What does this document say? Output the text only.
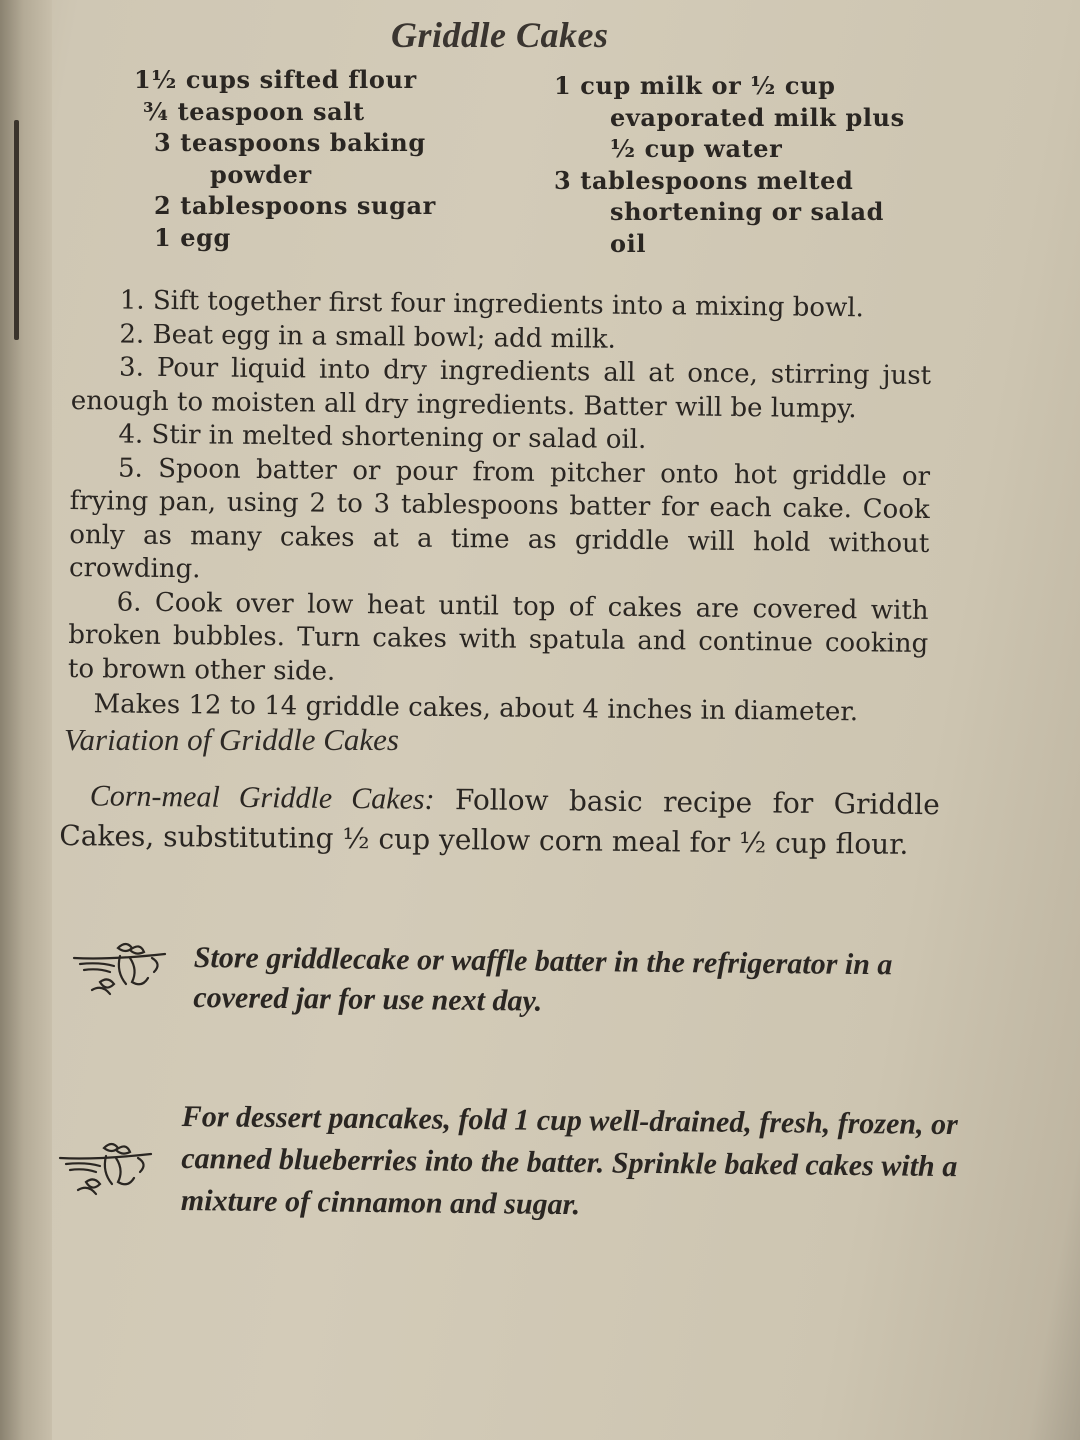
Griddle Cakes
1½ cups sifted flour
¾ teaspoon salt
3 teaspoons baking powder
2 tablespoons sugar
1 egg
1 cup milk or ½ cup evaporated milk plus ½ cup water
3 tablespoons melted shortening or salad oil

1. Sift together first four ingredients into a mixing bowl.

2. Beat egg in a small bowl; add milk.

3. Pour liquid into dry ingredients all at once, stirring just enough to moisten all dry ingredients. Batter will be lumpy.

4. Stir in melted shortening or salad oil.

5. Spoon batter or pour from pitcher onto hot griddle or frying pan, using 2 to 3 tablespoons batter for each cake. Cook only as many cakes at a time as griddle will hold without crowding.

6. Cook over low heat until top of cakes are covered with broken bubbles. Turn cakes with spatula and continue cooking to brown other side.

Makes 12 to 14 griddle cakes, about 4 inches in diameter.

Variation of Griddle Cakes

Corn-meal Griddle Cakes: Follow basic recipe for Griddle Cakes, substituting ½ cup yellow corn meal for ½ cup flour.

Store griddlecake or waffle batter in the refrigerator in a covered jar for use next day.
For dessert pancakes, fold 1 cup well-drained, fresh, frozen, or canned blueberries into the batter. Sprinkle baked cakes with a mixture of cinnamon and sugar.
